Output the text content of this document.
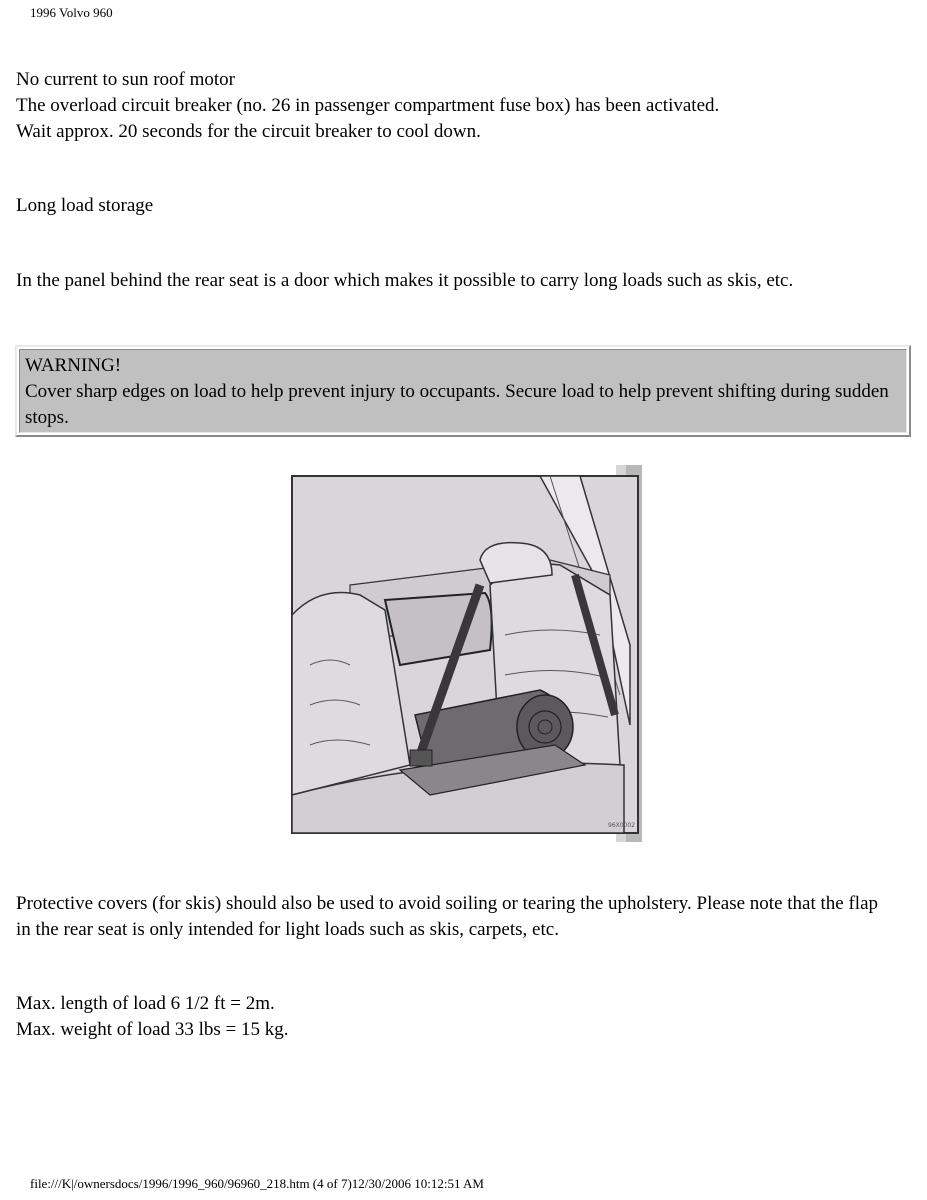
1996 Volvo 960

No current to sun roof motor

The overload circuit breaker (no. 26 in passenger compartment fuse box) has been activated.

Wait approx. 20 seconds for the circuit breaker to cool down.

Long load storage
In the panel behind the rear seat is a door which makes it possible to carry long loads such as skis, etc.

WARNING!

Cover sharp edges on load to help prevent injury to occupants. Secure load to help prevent shifting during sudden stops.

96X0002
Protective covers (for skis) should also be used to avoid soiling or tearing the upholstery. Please note that the flap in the rear seat is only intended for light loads such as skis, carpets, etc.

Max. length of load 6 1/2 ft = 2m.

Max. weight of load 33 lbs = 15 kg.

file:///K|/ownersdocs/1996/1996_960/96960_218.htm (4 of 7)12/30/2006 10:12:51 AM
